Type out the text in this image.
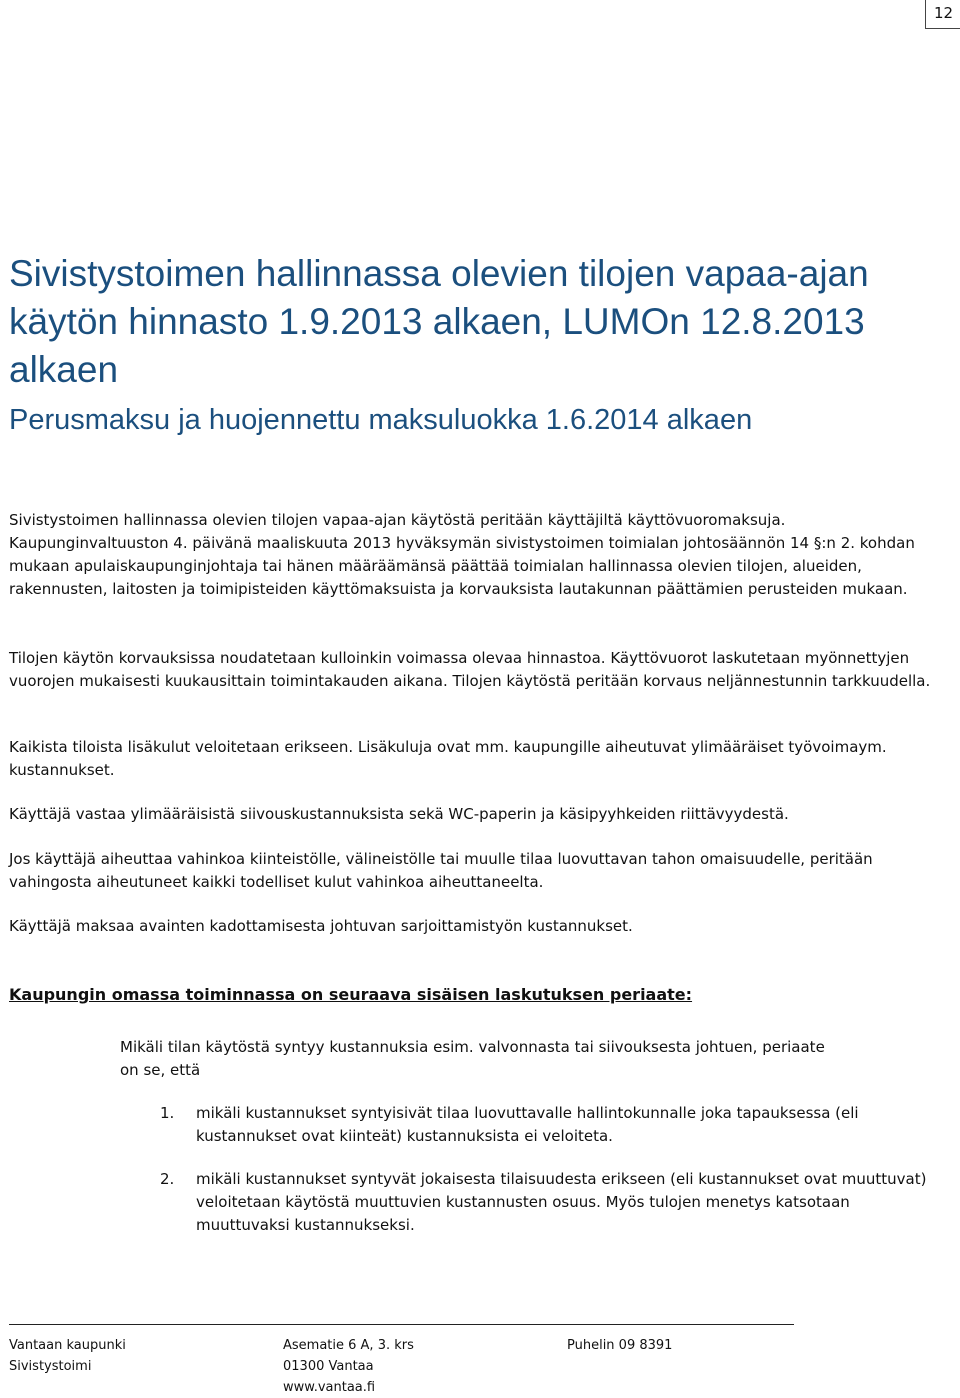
12
Sivistystoimen hallinnassa olevien tilojen vapaa-ajan käytön hinnasto 1.9.2013 alkaen, LUMOn 12.8.2013 alkaen
Perusmaksu ja huojennettu maksuluokka 1.6.2014 alkaen

Sivistystoimen hallinnassa olevien tilojen vapaa-ajan käytöstä peritään käyttäjiltä käyttövuoromaksuja. Kaupunginvaltuuston 4. päivänä maaliskuuta 2013 hyväksymän sivistystoimen toimialan johtosäännön 14 §:n 2. kohdan mukaan apulaiskaupunginjohtaja tai hänen määräämänsä päättää toimialan hallinnassa olevien tilojen, alueiden, rakennusten, laitosten ja toimipisteiden käyttömaksuista ja korvauksista lautakunnan päättämien perusteiden mukaan.

Tilojen käytön korvauksissa noudatetaan kulloinkin voimassa olevaa hinnastoa. Käyttövuorot laskutetaan myönnettyjen vuorojen mukaisesti kuukausittain toimintakauden aikana. Tilojen käytöstä peritään korvaus neljännestunnin tarkkuudella.

Kaikista tiloista lisäkulut veloitetaan erikseen. Lisäkuluja ovat mm. kaupungille aiheutuvat ylimääräiset työvoimaym. kustannukset.

Käyttäjä vastaa ylimääräisistä siivouskustannuksista sekä WC-paperin ja käsipyyhkeiden riittävyydestä.

Jos käyttäjä aiheuttaa vahinkoa kiinteistölle, välineistölle tai muulle tilaa luovuttavan tahon omaisuudelle, peritään vahingosta aiheutuneet kaikki todelliset kulut vahinkoa aiheuttaneelta.

Käyttäjä maksaa avainten kadottamisesta johtuvan sarjoittamistyön kustannukset.

Kaupungin omassa toiminnassa on seuraava sisäisen laskutuksen periaate:

Mikäli tilan käytöstä syntyy kustannuksia esim. valvonnasta tai siivouksesta johtuen, periaate on se, että

1.	mikäli kustannukset syntyisivät tilaa luovuttavalle hallintokunnalle joka tapauksessa (eli kustannukset ovat kiinteät) kustannuksista ei veloiteta.

2.	mikäli kustannukset syntyvät jokaisesta tilaisuudesta erikseen (eli kustannukset ovat muuttuvat) veloitetaan käytöstä muuttuvien kustannusten osuus. Myös tulojen menetys katsotaan muuttuvaksi kustannukseksi.

Vantaan kaupunki
Sivistystoimi
Asematie 6 A, 3. krs
01300 Vantaa
www.vantaa.fi
Puhelin 09 8391
